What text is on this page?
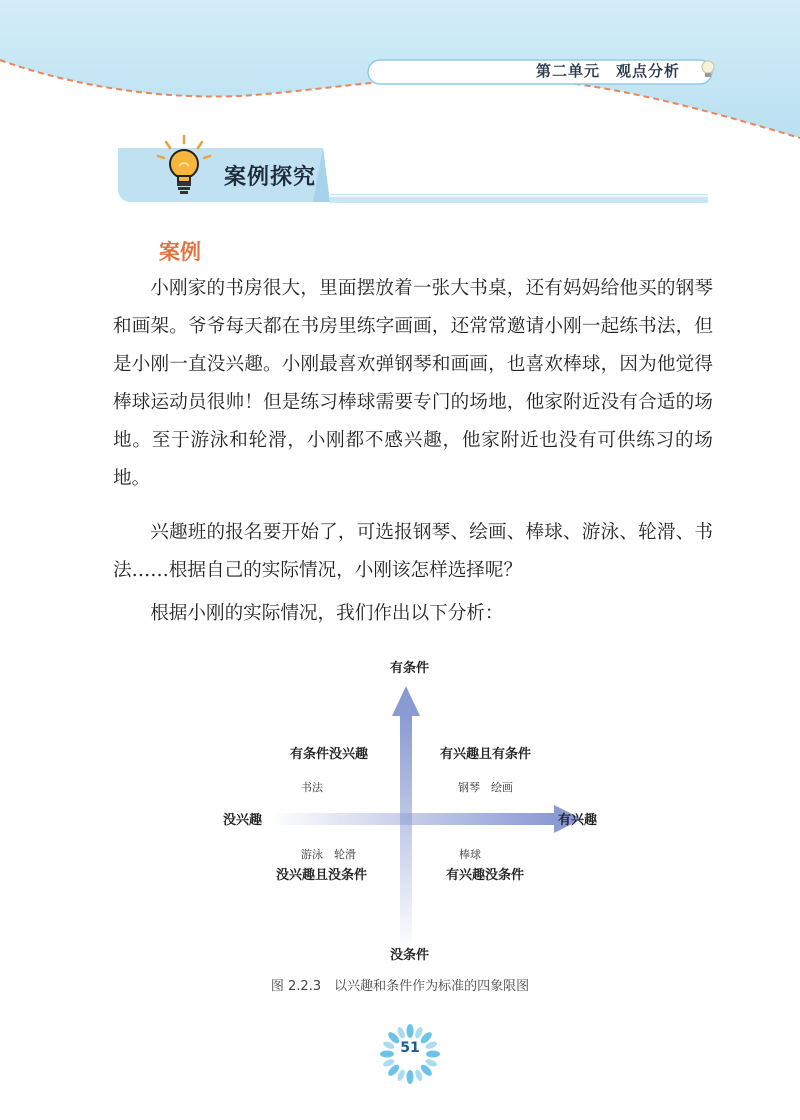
第二单元　观点分析
案例探究
案例

小刚家的书房很大，里面摆放着一张大书桌，还有妈妈给他买的钢琴和画架。爷爷每天都在书房里练字画画，还常常邀请小刚一起练书法，但是小刚一直没兴趣。小刚最喜欢弹钢琴和画画，也喜欢棒球，因为他觉得棒球运动员很帅！但是练习棒球需要专门的场地，他家附近没有合适的场地。至于游泳和轮滑，小刚都不感兴趣，他家附近也没有可供练习的场地。

兴趣班的报名要开始了，可选报钢琴、绘画、棒球、游泳、轮滑、书法……根据自己的实际情况，小刚该怎样选择呢？

根据小刚的实际情况，我们作出以下分析：

有条件
没条件
没兴趣	有兴趣
有条件没兴趣
书法
有兴趣且有条件
钢琴　绘画
游泳　轮滑
没兴趣且没条件
棒球
有兴趣没条件
图 2.2.3　以兴趣和条件作为标准的四象限图
51
